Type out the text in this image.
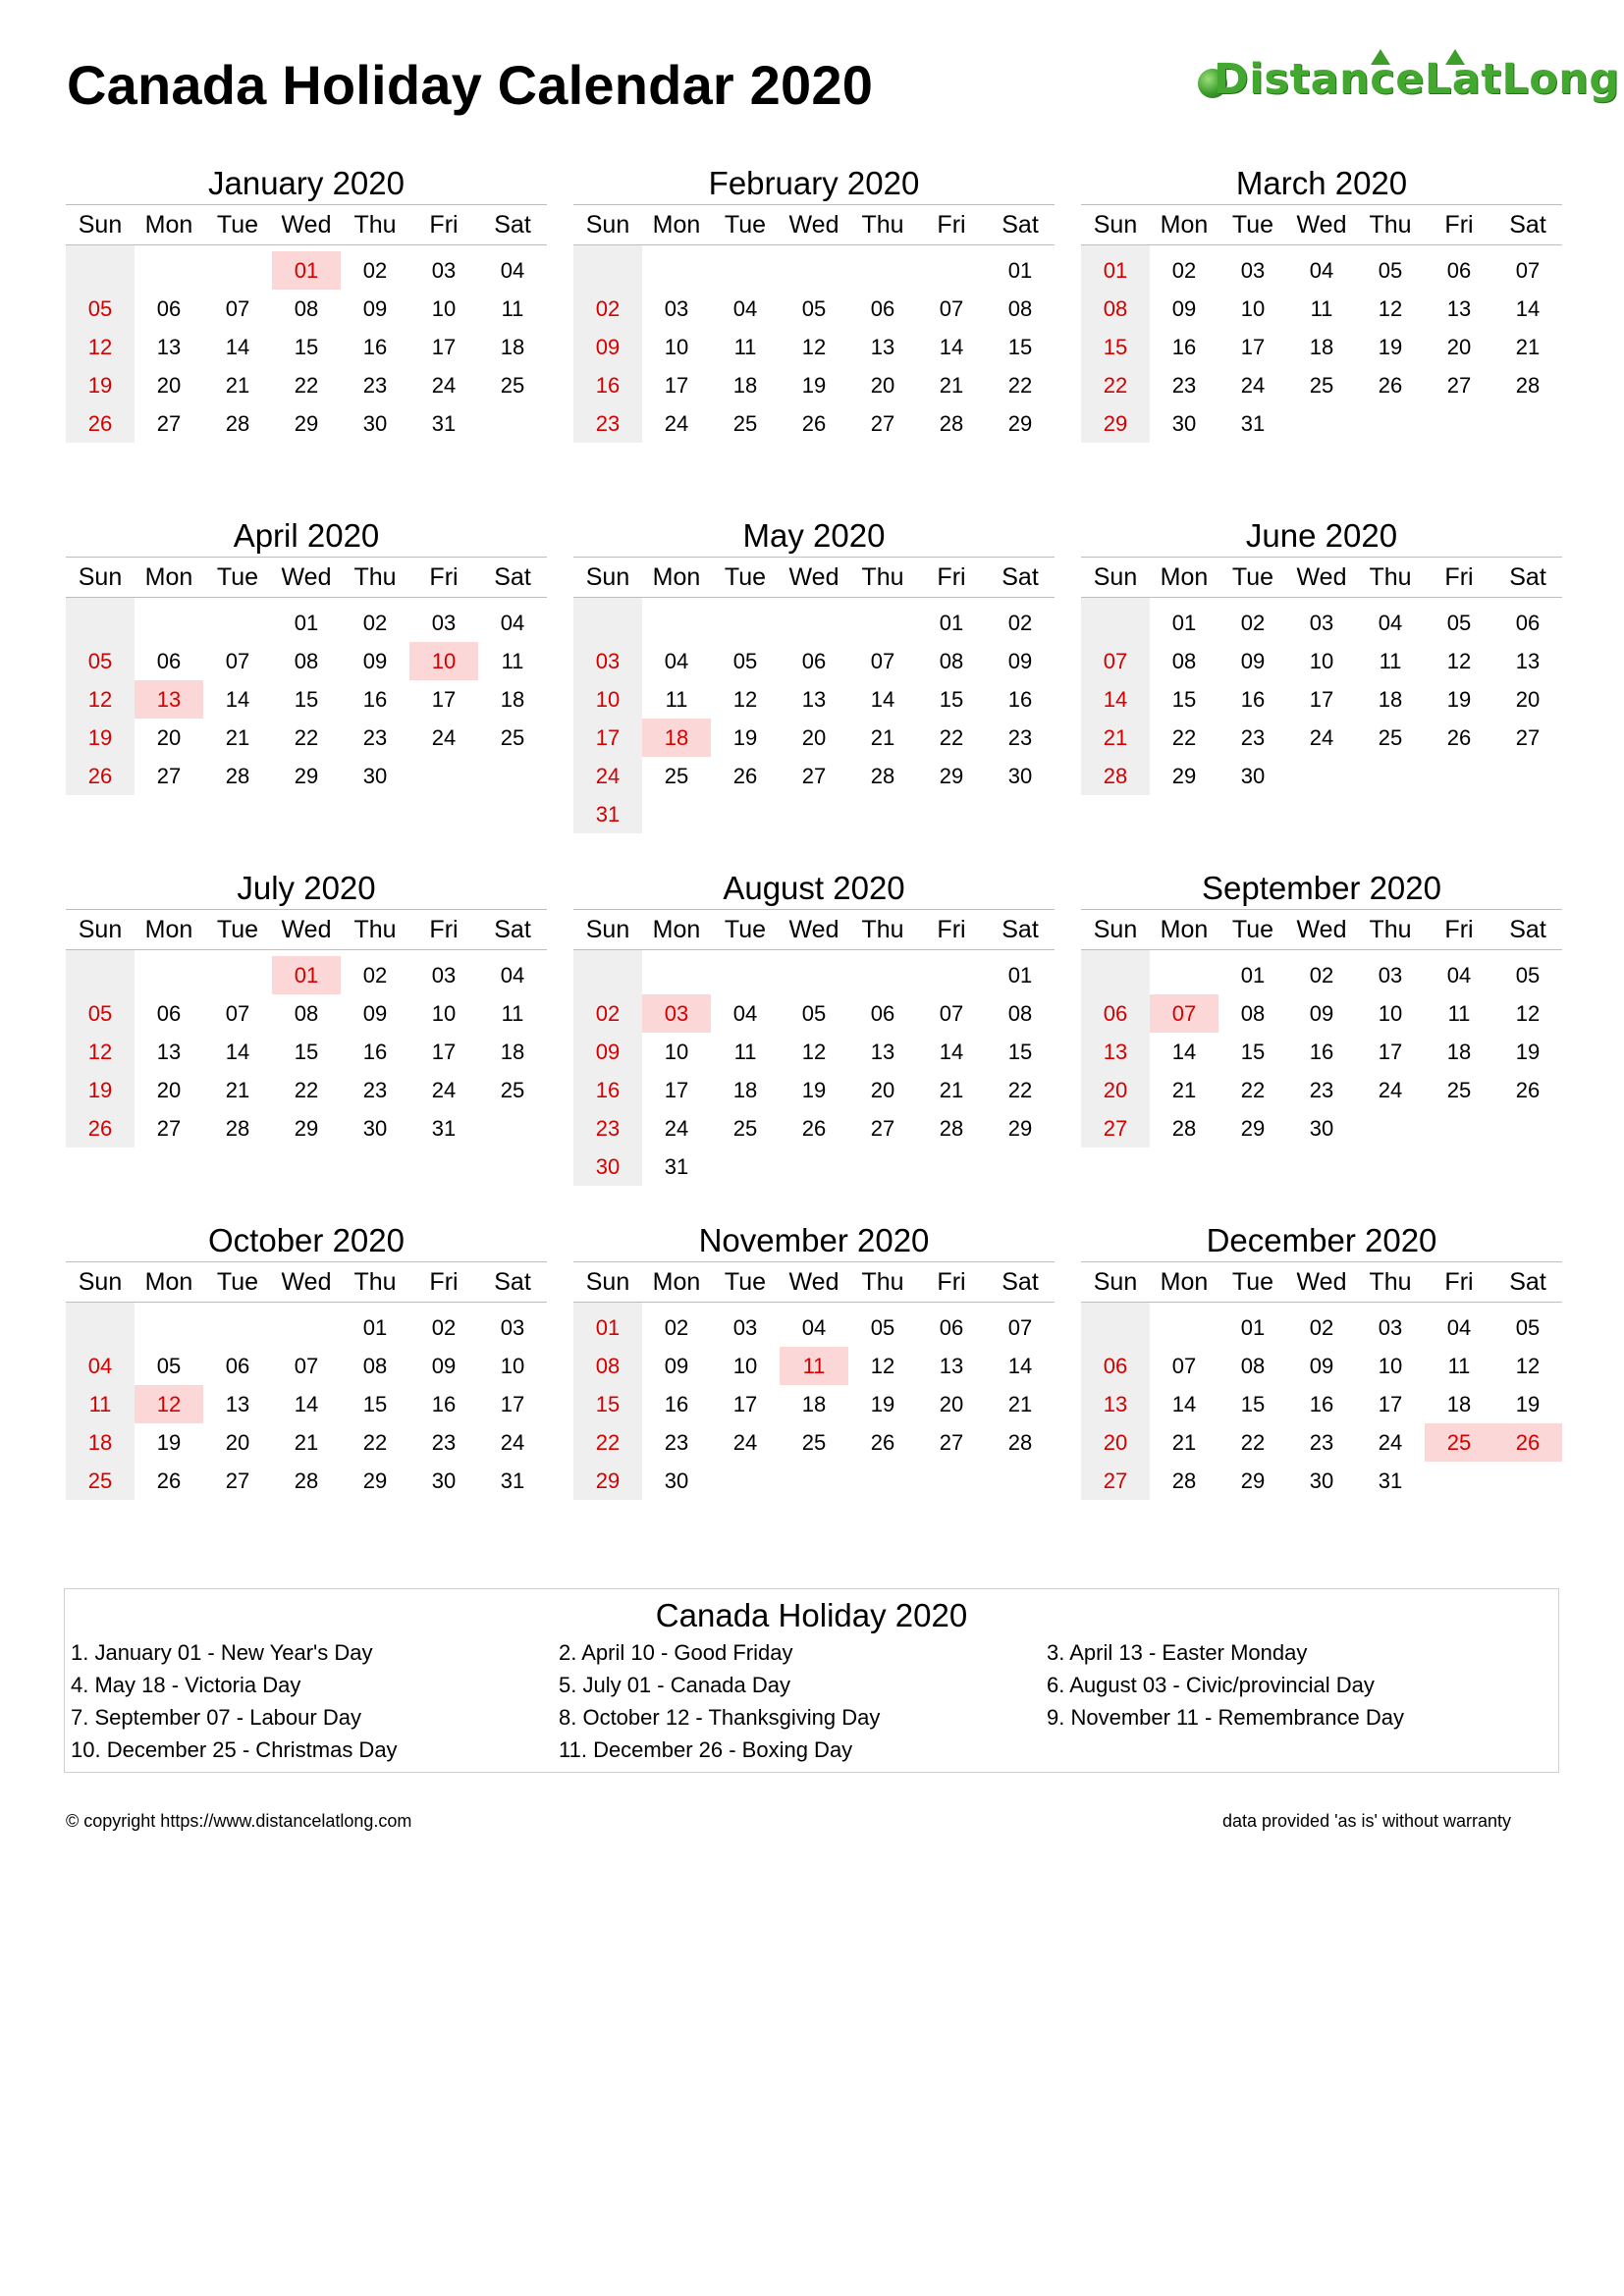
Canada Holiday Calendar 2020	DistanceLatLong
January 2020
Sun	Mon	Tue	Wed	Thu	Fri	Sat

			01	02	03	04
05	06	07	08	09	10	11
12	13	14	15	16	17	18
19	20	21	22	23	24	25
26	27	28	29	30	31	
February 2020
Sun	Mon	Tue	Wed	Thu	Fri	Sat

						01
02	03	04	05	06	07	08
09	10	11	12	13	14	15
16	17	18	19	20	21	22
23	24	25	26	27	28	29
March 2020
Sun	Mon	Tue	Wed	Thu	Fri	Sat

01	02	03	04	05	06	07
08	09	10	11	12	13	14
15	16	17	18	19	20	21
22	23	24	25	26	27	28
29	30	31				
April 2020
Sun	Mon	Tue	Wed	Thu	Fri	Sat

			01	02	03	04
05	06	07	08	09	10	11
12	13	14	15	16	17	18
19	20	21	22	23	24	25
26	27	28	29	30		
May 2020
Sun	Mon	Tue	Wed	Thu	Fri	Sat

					01	02
03	04	05	06	07	08	09
10	11	12	13	14	15	16
17	18	19	20	21	22	23
24	25	26	27	28	29	30
31						
June 2020
Sun	Mon	Tue	Wed	Thu	Fri	Sat

	01	02	03	04	05	06
07	08	09	10	11	12	13
14	15	16	17	18	19	20
21	22	23	24	25	26	27
28	29	30				
July 2020
Sun	Mon	Tue	Wed	Thu	Fri	Sat

			01	02	03	04
05	06	07	08	09	10	11
12	13	14	15	16	17	18
19	20	21	22	23	24	25
26	27	28	29	30	31	
August 2020
Sun	Mon	Tue	Wed	Thu	Fri	Sat

						01
02	03	04	05	06	07	08
09	10	11	12	13	14	15
16	17	18	19	20	21	22
23	24	25	26	27	28	29
30	31					
September 2020
Sun	Mon	Tue	Wed	Thu	Fri	Sat

		01	02	03	04	05
06	07	08	09	10	11	12
13	14	15	16	17	18	19
20	21	22	23	24	25	26
27	28	29	30			
October 2020
Sun	Mon	Tue	Wed	Thu	Fri	Sat

				01	02	03
04	05	06	07	08	09	10
11	12	13	14	15	16	17
18	19	20	21	22	23	24
25	26	27	28	29	30	31
November 2020
Sun	Mon	Tue	Wed	Thu	Fri	Sat

01	02	03	04	05	06	07
08	09	10	11	12	13	14
15	16	17	18	19	20	21
22	23	24	25	26	27	28
29	30					
December 2020
Sun	Mon	Tue	Wed	Thu	Fri	Sat

		01	02	03	04	05
06	07	08	09	10	11	12
13	14	15	16	17	18	19
20	21	22	23	24	25	26
27	28	29	30	31		
Canada Holiday 2020
1. January 01 - New Year's Day	2. April 10 - Good Friday	3. April 13 - Easter Monday
4. May 18 - Victoria Day	5. July 01 - Canada Day	6. August 03 - Civic/provincial Day
7. September 07 - Labour Day	8. October 12 - Thanksgiving Day	9. November 11 - Remembrance Day
10. December 25 - Christmas Day	11. December 26 - Boxing Day
© copyright https://www.distancelatlong.com	data provided 'as is' without warranty
